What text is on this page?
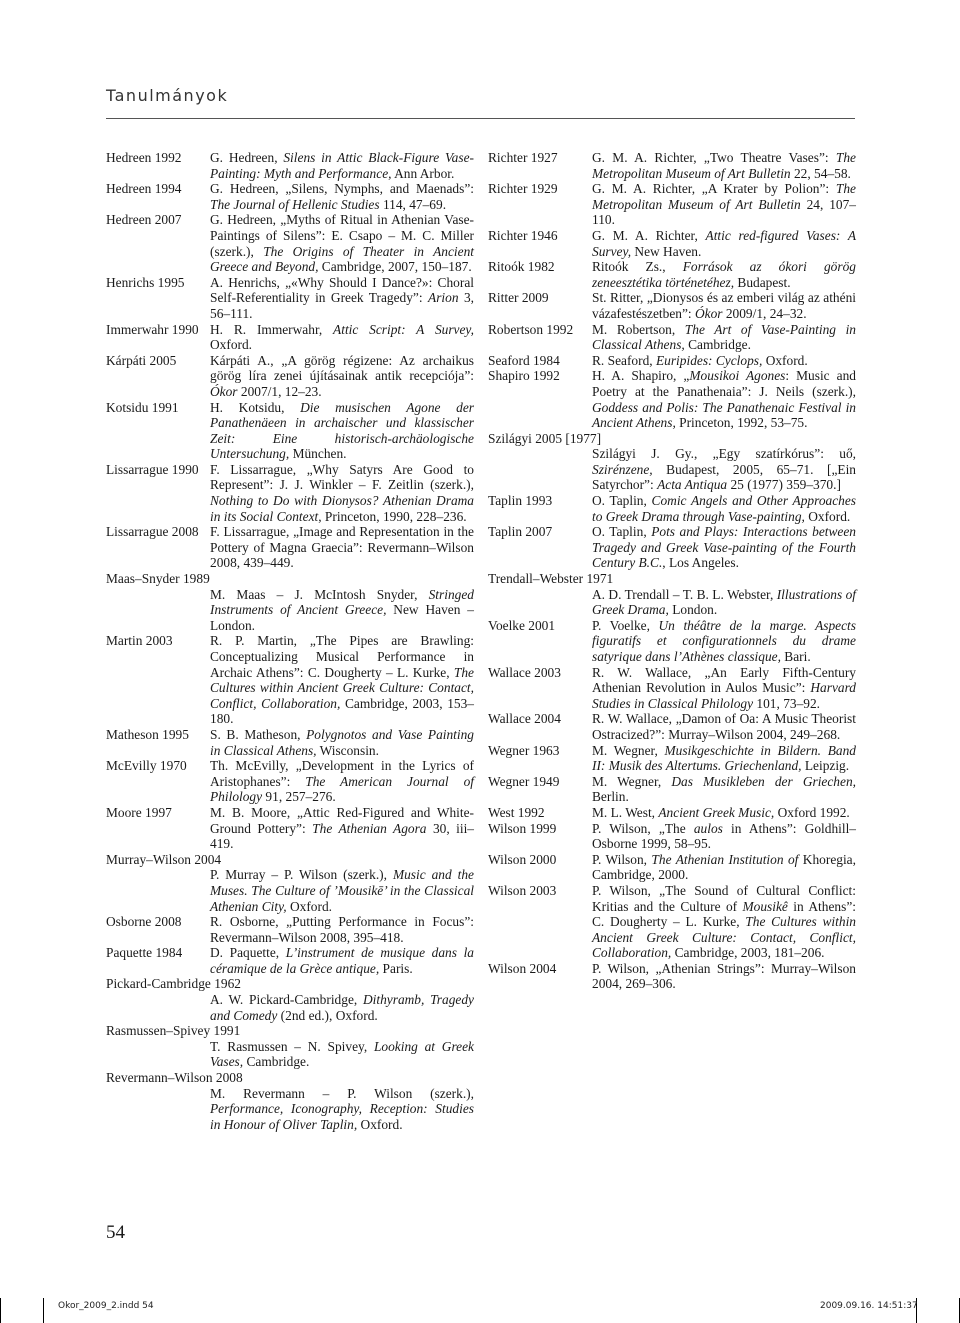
Tanulmányok
Hedreen 1992	G. Hedreen, Silens in Attic Black-Figure Vase-Painting: Myth and Performance, Ann Arbor.
Hedreen 1994	G. Hedreen, „Silens, Nymphs, and Maenads”: The Journal of Hellenic Studies 114, 47–69.
Hedreen 2007	G. Hedreen, „Myths of Ritual in Athenian Vase-Paintings of Silens”: E. Csapo – M. C. Miller (szerk.), The Origins of Theater in Ancient Greece and Beyond, Cambridge, 2007, 150–187.
Henrichs 1995	A. Henrichs, „«Why Should I Dance?»: Choral Self-Referentiality in Greek Tragedy”: Arion 3, 56–111.
Immerwahr 1990 H. R. Immerwahr, Attic Script: A Survey, Oxford.
Kárpáti 2005	Kárpáti A., „A görög régizene: Az archaikus görög líra zenei újításainak antik recepciója”: Ókor 2007/1, 12–23.
Kotsidu 1991	H. Kotsidu, Die musischen Agone der Panathenäeen in archaischer und klassischer Zeit: Eine historisch-archäologische Untersuchung, München.
Lissarrague 1990 F. Lissarrague, „Why Satyrs Are Good to Represent”: J. J. Winkler – F. Zeitlin (szerk.), Nothing to Do with Dionysos? Athenian Drama in its Social Context, Princeton, 1990, 228–236.
Lissarrague 2008 F. Lissarrague, „Image and Representation in the Pottery of Magna Graecia”: Revermann–Wilson 2008, 439–449.
Maas–Snyder 1989
M. Maas – J. McIntosh Snyder, Stringed Instruments of Ancient Greece, New Haven – London.
Martin 2003	R. P. Martin, „The Pipes are Brawling: Conceptualizing Musical Performance in Archaic Athens”: C. Dougherty – L. Kurke, The Cultures within Ancient Greek Culture: Contact, Conflict, Collaboration, Cambridge, 2003, 153–180.
Matheson 1995	S. B. Matheson, Polygnotos and Vase Painting in Classical Athens, Wisconsin.
McEvilly 1970	Th. McEvilly, „Development in the Lyrics of Aristophanes”: The American Journal of Philology 91, 257–276.
Moore 1997	M. B. Moore, „Attic Red-Figured and White-Ground Pottery”: The Athenian Agora 30, iii–419.
Murray–Wilson 2004
P. Murray – P. Wilson (szerk.), Music and the Muses. The Culture of ’Mousikē’ in the Classical Athenian City, Oxford.
Osborne 2008	R. Osborne, „Putting Performance in Focus”: Revermann–Wilson 2008, 395–418.
Paquette 1984	D. Paquette, L’instrument de musique dans la céramique de la Grèce antique, Paris.
Pickard-Cambridge 1962
A. W. Pickard-Cambridge, Dithyramb, Tragedy and Comedy (2nd ed.), Oxford.
Rasmussen–Spivey 1991
T. Rasmussen – N. Spivey, Looking at Greek Vases, Cambridge.
Revermann–Wilson 2008
M. Revermann – P. Wilson (szerk.), Performance, Iconography, Reception: Studies in Honour of Oliver Taplin, Oxford.
Richter 1927	G. M. A. Richter, „Two Theatre Vases”: The Metropolitan Museum of Art Bulletin 22, 54–58.
Richter 1929	G. M. A. Richter, „A Krater by Polion”: The Metropolitan Museum of Art Bulletin 24, 107–110.
Richter 1946	G. M. A. Richter, Attic red-figured Vases: A Survey, New Haven.
Ritoók 1982	Ritoók Zs., Források az ókori görög zeneesztétika történetéhez, Budapest.
Ritter 2009	St. Ritter, „Dionysos és az emberi világ az athéni vázafestészetben”: Ókor 2009/1, 24–32.
Robertson 1992	M. Robertson, The Art of Vase-Painting in Classical Athens, Cambridge.
Seaford 1984	R. Seaford, Euripides: Cyclops, Oxford.
Shapiro 1992	H. A. Shapiro, „Mousikoi Agones: Music and Poetry at the Panathenaia”: J. Neils (szerk.), Goddess and Polis: The Panathenaic Festival in Ancient Athens, Princeton, 1992, 53–75.
Szilágyi 2005 [1977]
Szilágyi J. Gy., „Egy szatírkórus”: uő, Szirénzene, Budapest, 2005, 65–71. [„Ein Satyrchor”: Acta Antiqua 25 (1977) 359–370.]
Taplin 1993	O. Taplin, Comic Angels and Other Approaches to Greek Drama through Vase-painting, Oxford.
Taplin 2007	O. Taplin, Pots and Plays: Interactions between Tragedy and Greek Vase-painting of the Fourth Century B.C., Los Angeles.
Trendall–Webster 1971
A. D. Trendall – T. B. L. Webster, Illustrations of Greek Drama, London.
Voelke 2001	P. Voelke, Un théâtre de la marge. Aspects figuratifs et configurationnels du drame satyrique dans l’Athènes classique, Bari.
Wallace 2003	R. W. Wallace, „An Early Fifth-Century Athenian Revolution in Aulos Music”: Harvard Studies in Classical Philology 101, 73–92.
Wallace 2004	R. W. Wallace, „Damon of Oa: A Music Theorist Ostracized?”: Murray–Wilson 2004, 249–268.
Wegner 1963	M. Wegner, Musikgeschichte in Bildern. Band II: Musik des Altertums. Griechenland, Leipzig.
Wegner 1949	M. Wegner, Das Musikleben der Griechen, Berlin.
West 1992	M. L. West, Ancient Greek Music, Oxford 1992.
Wilson 1999	P. Wilson, „The aulos in Athens”: Goldhill–Osborne 1999, 58–95.
Wilson 2000	P. Wilson, The Athenian Institution of Khoregia, Cambridge, 2000.
Wilson 2003	P. Wilson, „The Sound of Cultural Conflict: Kritias and the Culture of Mousikê in Athens”: C. Dougherty – L. Kurke, The Cultures within Ancient Greek Culture: Contact, Conflict, Collaboration, Cambridge, 2003, 181–206.
Wilson 2004	P. Wilson, „Athenian Strings”: Murray–Wilson 2004, 269–306.
54
Okor_2009_2.indd 54	2009.09.16. 14:51:37
